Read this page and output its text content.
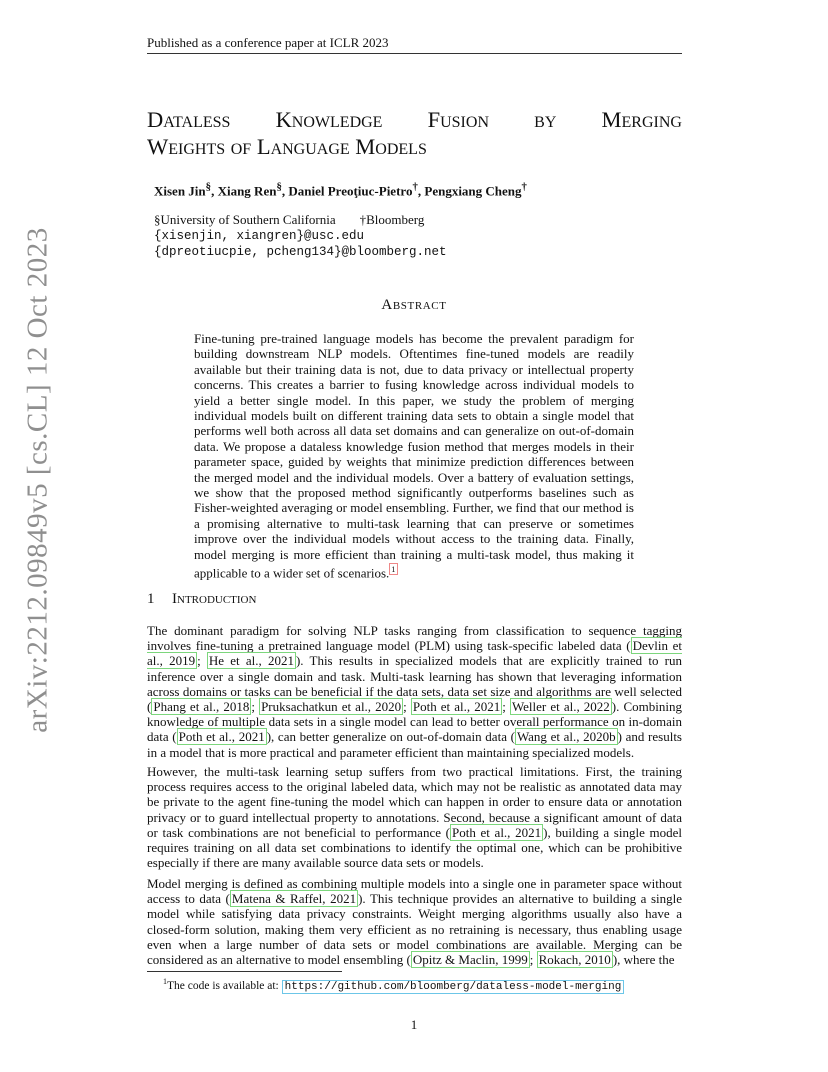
Published as a conference paper at ICLR 2023
arXiv:2212.09849v5 [cs.CL] 12 Oct 2023
Dataless Knowledge Fusion by Merging
Weights of Language Models
Xisen Jin§, Xiang Ren§, Daniel Preoţiuc-Pietro†, Pengxiang Cheng†
§University of Southern California †Bloomberg
{xisenjin, xiangren}@usc.edu
{dpreotiucpie, pcheng134}@bloomberg.net
Abstract
Fine-tuning pre-trained language models has become the prevalent paradigm for building downstream NLP models. Oftentimes fine-tuned models are readily available but their training data is not, due to data privacy or intellectual property concerns. This creates a barrier to fusing knowledge across individual models to yield a better single model. In this paper, we study the problem of merging individual models built on different training data sets to obtain a single model that performs well both across all data set domains and can generalize on out-of-domain data. We propose a dataless knowledge fusion method that merges models in their parameter space, guided by weights that minimize prediction differences between the merged model and the individual models. Over a battery of evaluation settings, we show that the proposed method significantly outperforms baselines such as Fisher-weighted averaging or model ensembling. Further, we find that our method is a promising alternative to multi-task learning that can preserve or sometimes improve over the individual models without access to the training data. Finally, model merging is more efficient than training a multi-task model, thus making it applicable to a wider set of scenarios. $^1$
1 Introduction

The dominant paradigm for solving NLP tasks ranging from classification to sequence tagging involves fine-tuning a pretrained language model (PLM) using task-specific labeled data ( Devlin et al., 2019 ; He et al., 2021 ). This results in specialized models that are explicitly trained to run inference over a single domain and task. Multi-task learning has shown that leveraging information across domains or tasks can be beneficial if the data sets, data set size and algorithms are well selected ( Phang et al., 2018 ; Pruksachatkun et al., 2020 ; Poth et al., 2021 ; Weller et al., 2022 ). Combining knowledge of multiple data sets in a single model can lead to better overall performance on in-domain data ( Poth et al., 2021 ), can better generalize on out-of-domain data ( Wang et al., 2020b ) and results in a model that is more practical and parameter efficient than maintaining specialized models.

However, the multi-task learning setup suffers from two practical limitations. First, the training process requires access to the original labeled data, which may not be realistic as annotated data may be private to the agent fine-tuning the model which can happen in order to ensure data or annotation privacy or to guard intellectual property to annotations. Second, because a significant amount of data or task combinations are not beneficial to performance ( Poth et al., 2021 ), building a single model requires training on all data set combinations to identify the optimal one, which can be prohibitive especially if there are many available source data sets or models.

Model merging is defined as combining multiple models into a single one in parameter space without access to data ( Matena & Raffel, 2021 ). This technique provides an alternative to building a single model while satisfying data privacy constraints. Weight merging algorithms usually also have a closed-form solution, making them very efficient as no retraining is necessary, thus enabling usage even when a large number of data sets or model combinations are available. Merging can be considered as an alternative to model ensembling ( Opitz & Maclin, 1999 ; Rokach, 2010 ), where the

$^1$The code is available at: https://github.com/bloomberg/dataless-model-merging
1
